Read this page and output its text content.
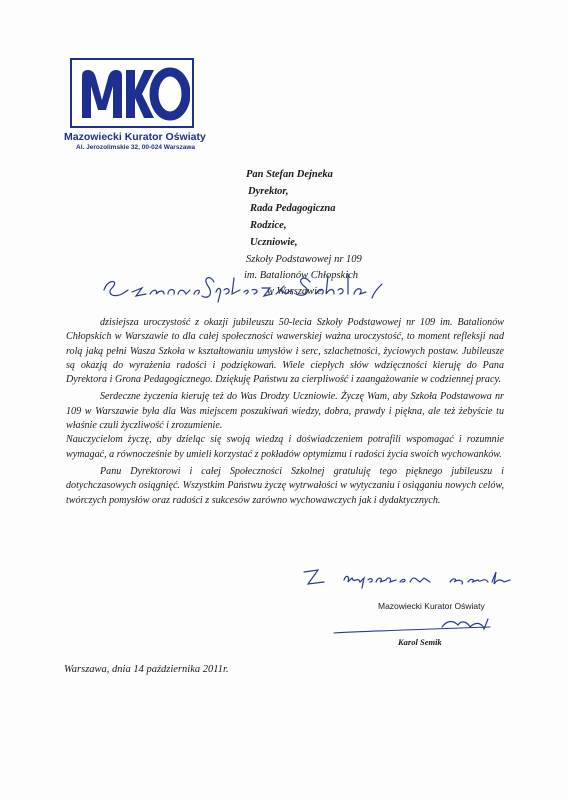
Mazowiecki Kurator Oświaty
Al. Jerozolimskie 32, 00-024 Warszawa
Pan Stefan Dejneka
Dyrektor,
Rada Pedagogiczna
Rodzice,
Uczniowie,
Szkoły Podstawowej nr 109
im. Batalionów Chłopskich
w Warszawie

dzisiejsza uroczystość z okazji jubileuszu 50-lecia Szkoły Podstawowej nr 109 im. Batalionów Chłopskich w Warszawie to dla całej społeczności wawerskiej ważna uroczystość, to moment refleksji nad rolą jaką pełni Wasza Szkoła w kształtowaniu umysłów i serc, szlachetności, życiowych postaw. Jubileusze są okazją do wyrażenia radości i podziękowań. Wiele ciepłych słów wdzięczności kieruję do Pana Dyrektora i Grona Pedagogicznego. Dziękuję Państwu za cierpliwość i zaangażowanie w codziennej pracy.

Serdeczne życzenia kieruję też do Was Drodzy Uczniowie. Życzę Wam, aby Szkoła Podstawowa nr 109 w Warszawie była dla Was miejscem poszukiwań wiedzy, dobra, prawdy i piękna, ale też żebyście tu właśnie czuli życzliwość i zrozumienie.

Nauczycielom życzę, aby dzieląc się swoją wiedzą i doświadczeniem potrafili wspomagać i rozumnie wymagać, a równocześnie by umieli korzystać z pokładów optymizmu i radości życia swoich wychowanków.

Panu Dyrektorowi i całej Społeczności Szkolnej gratuluję tego pięknego jubileuszu i dotychczasowych osiągnięć. Wszystkim Państwu życzę wytrwałości w wytyczaniu i osiąganiu nowych celów, twórczych pomysłów oraz radości z sukcesów zarówno wychowawczych jak i dydaktycznych.

Mazowiecki Kurator Oświaty
Karol Semik
Warszawa, dnia 14 października 2011r.
